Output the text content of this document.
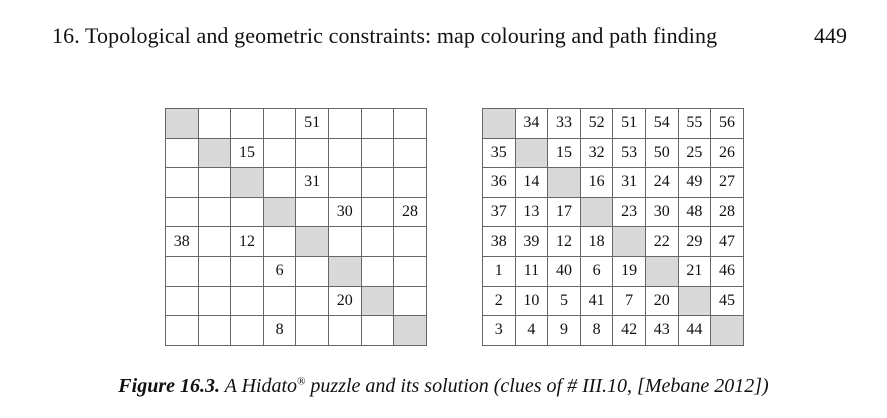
16. Topological and geometric constraints: map colouring and path finding	449
				51			
		15					
				31			
					30		28
38		12					
			6				
					20		
			8				
	34	33	52	51	54	55	56
35		15	32	53	50	25	26
36	14		16	31	24	49	27
37	13	17		23	30	48	28
38	39	12	18		22	29	47
1	11	40	6	19		21	46
2	10	5	41	7	20		45
3	4	9	8	42	43	44	
Figure 16.3. A Hidato® puzzle and its solution (clues of # III.10, [Mebane 2012])
